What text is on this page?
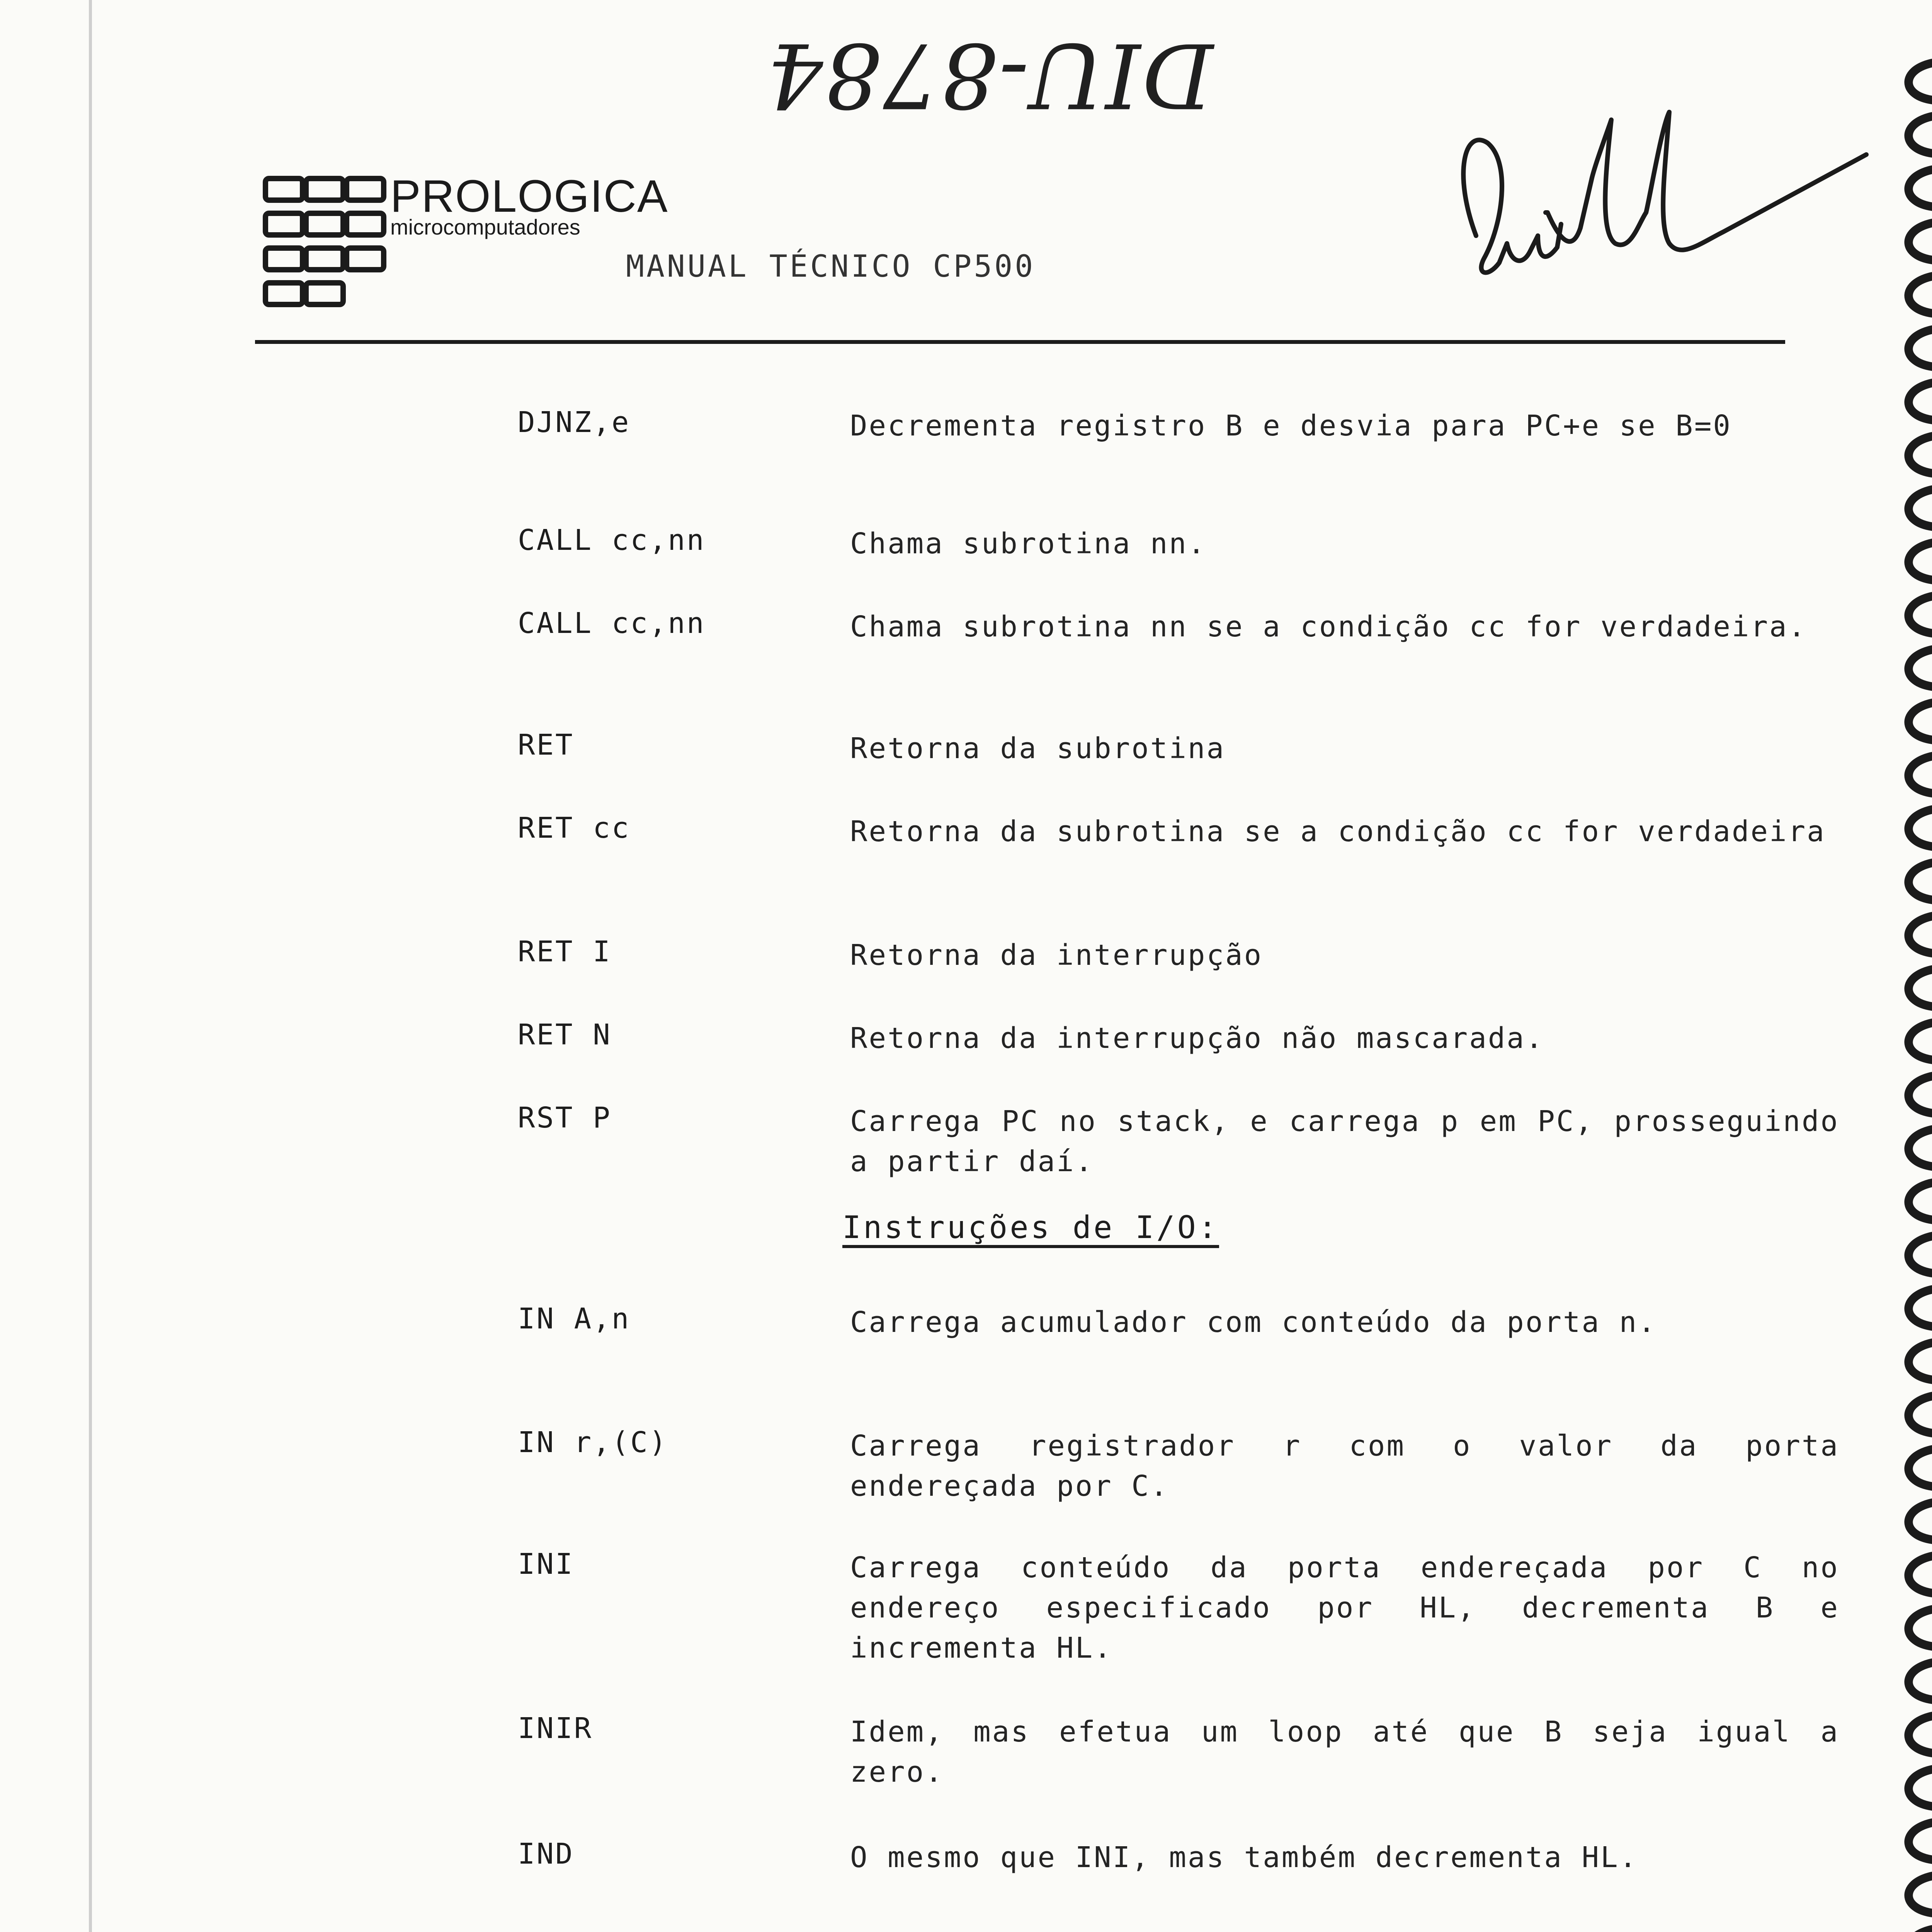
DIU-8784
PROLOGICA
microcomputadores
MANUAL TÉCNICO CP500
DJNZ,e	Decrementa registro B e desvia para PC+e se B=0
CALL cc,nn	Chama subrotina nn.
CALL cc,nn	Chama subrotina nn se a condição cc for verdadeira.
RET	Retorna da subrotina
RET cc	Retorna da subrotina se a condição cc for verdadeira
RET I	Retorna da interrupção
RET N	Retorna da interrupção não mascarada.
RST P	Carrega PC no stack, e carrega p em PC, prosseguindo a partir daí.
Instruções de I/O:
IN A,n	Carrega acumulador com conteúdo da porta n.
IN r,(C)	Carrega registrador r com o valor da porta endereçada por C.
INI	Carrega conteúdo da porta endereçada por C no endereço especificado por HL, decrementa B e incrementa HL.
INIR	Idem, mas efetua um loop até que B seja igual a zero.
IND	O mesmo que INI, mas também decrementa HL.
